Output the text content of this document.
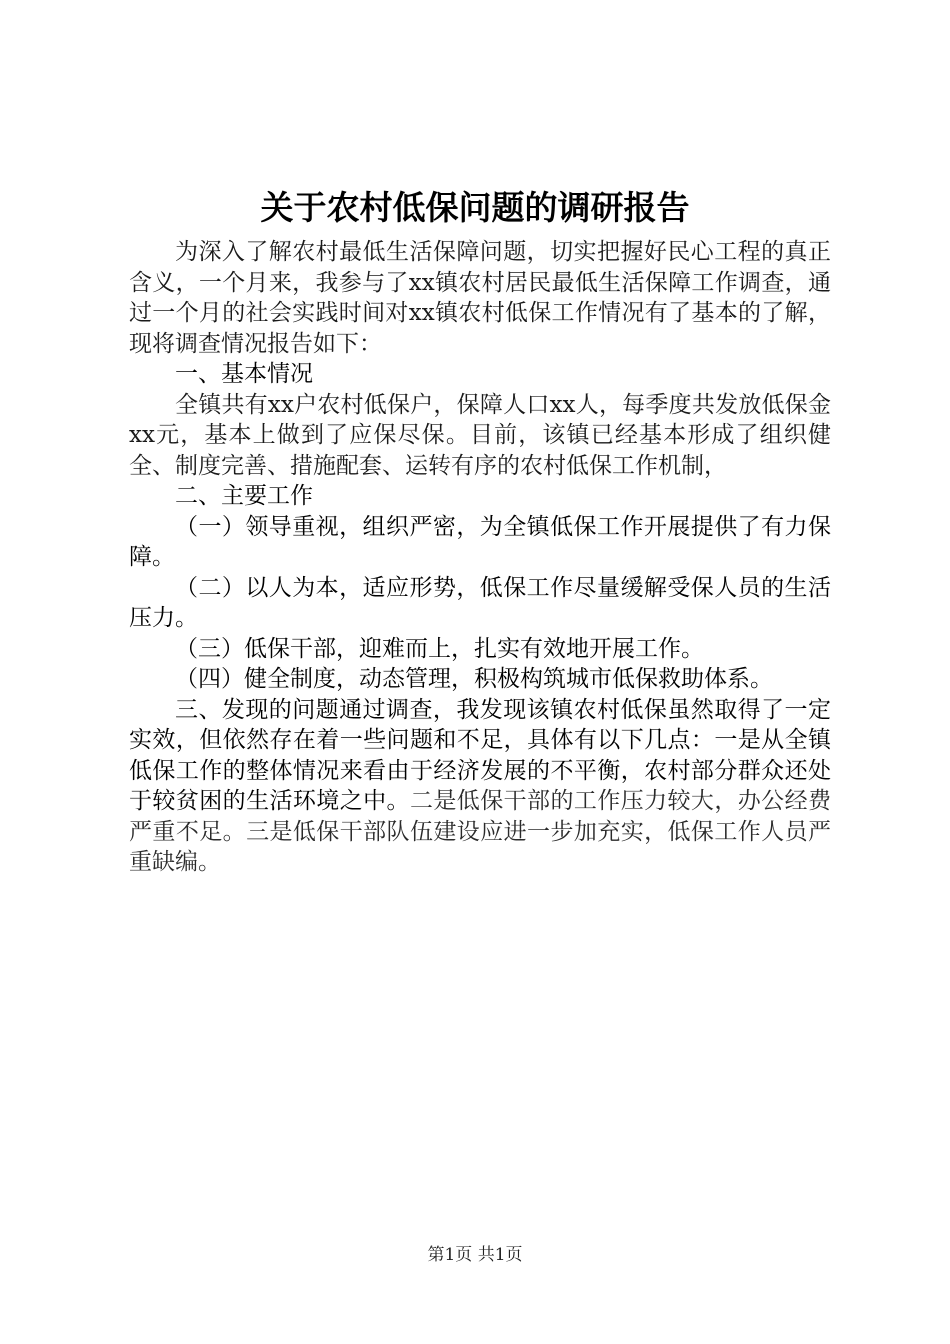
关于农村低保问题的调研报告

为深入了解农村最低生活保障问题，切实把握好民心工程的真正含义，一个月来，我参与了xx镇农村居民最低生活保障工作调查，通过一个月的社会实践时间对xx镇农村低保工作情况有了基本的了解，现将调查情况报告如下：

一、基本情况

全镇共有xx户农村低保户，保障人口xx人，每季度共发放低保金xx元，基本上做到了应保尽保。目前，该镇已经基本形成了组织健全、制度完善、措施配套、运转有序的农村低保工作机制，

二、主要工作

（一）领导重视，组织严密，为全镇低保工作开展提供了有力保障。

（二）以人为本，适应形势，低保工作尽量缓解受保人员的生活压力。

（三）低保干部，迎难而上，扎实有效地开展工作。

（四）健全制度，动态管理，积极构筑城市低保救助体系。

三、发现的问题通过调查，我发现该镇农村低保虽然取得了一定实效，但依然存在着一些问题和不足，具体有以下几点：一是从全镇低保工作的整体情况来看由于经济发展的不平衡，农村部分群众还处于较贫困的生活环境之中。二是低保干部的工作压力较大，办公经费严重不足。三是低保干部队伍建设应进一步加充实，低保工作人员严重缺编。

第1页 共1页
